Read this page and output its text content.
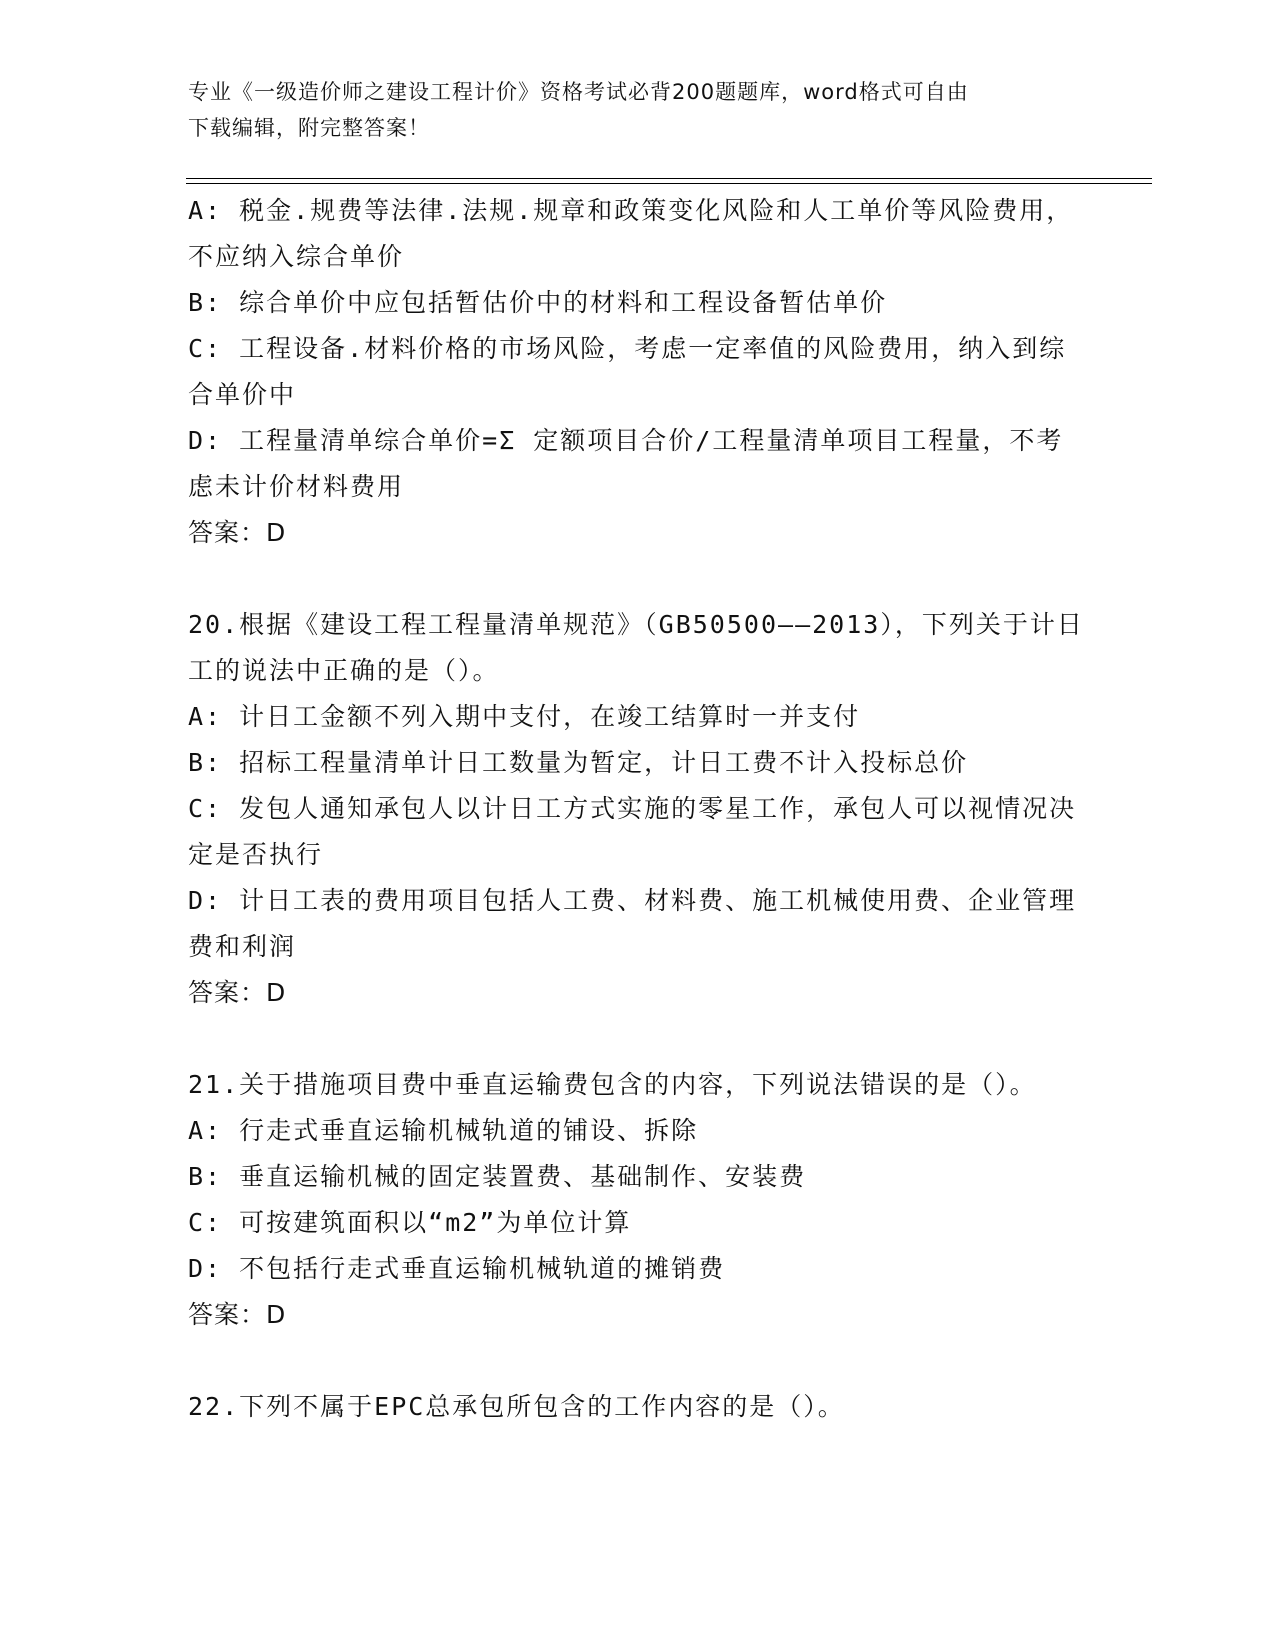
专业《一级造价师之建设工程计价》资格考试必背200题题库，word格式可自由
下载编辑，附完整答案！

A: 税金.规费等法律.法规.规章和政策变化风险和人工单价等风险费用，不应纳入综合单价

B: 综合单价中应包括暂估价中的材料和工程设备暂估单价

C: 工程设备.材料价格的市场风险，考虑一定率值的风险费用，纳入到综合单价中

D: 工程量清单综合单价=Σ 定额项目合价/工程量清单项目工程量，不考虑未计价材料费用

答案：D

20.根据《建设工程工程量清单规范》（GB50500——2013），下列关于计日工的说法中正确的是（）。

A: 计日工金额不列入期中支付，在竣工结算时一并支付

B: 招标工程量清单计日工数量为暂定，计日工费不计入投标总价

C: 发包人通知承包人以计日工方式实施的零星工作，承包人可以视情况决定是否执行

D: 计日工表的费用项目包括人工费、材料费、施工机械使用费、企业管理费和利润

答案：D

21.关于措施项目费中垂直运输费包含的内容，下列说法错误的是（）。

A: 行走式垂直运输机械轨道的铺设、拆除

B: 垂直运输机械的固定装置费、基础制作、安装费

C: 可按建筑面积以“m2”为单位计算

D: 不包括行走式垂直运输机械轨道的摊销费

答案：D

22.下列不属于EPC总承包所包含的工作内容的是（）。
